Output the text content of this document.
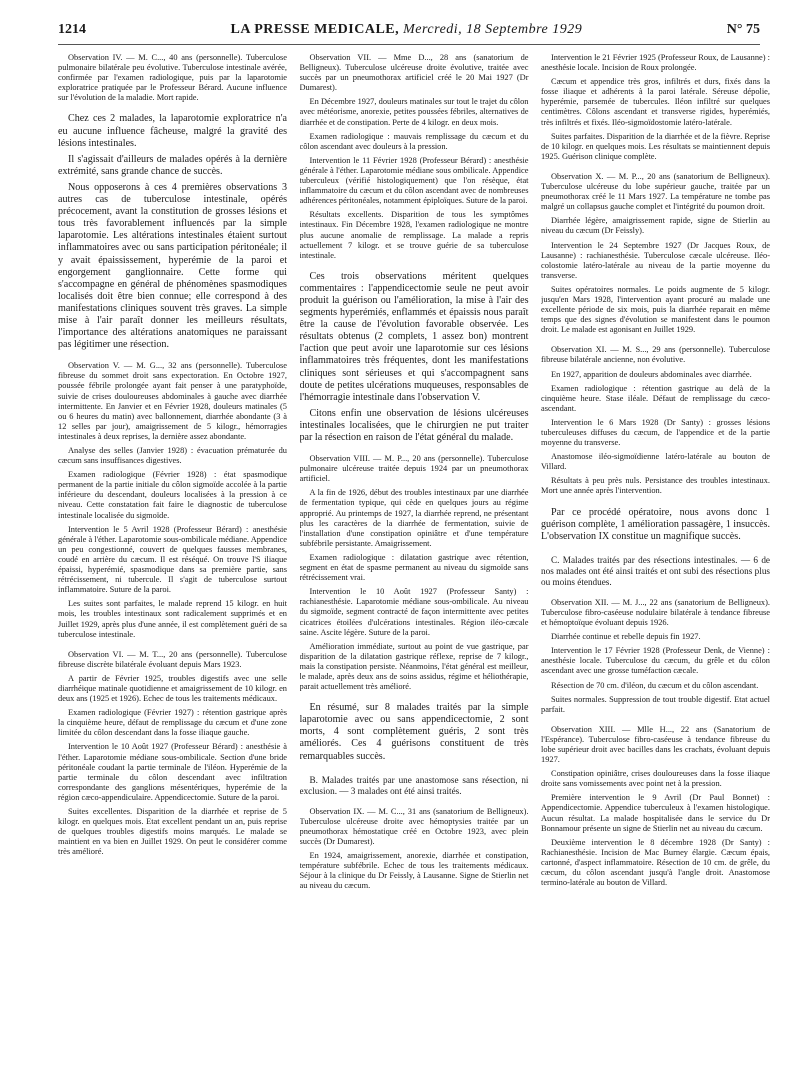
1214	LA PRESSE MEDICALE, Mercredi, 18 Septembre 1929	N° 75

Observation IV. — M. C..., 40 ans (personnelle). Tuberculose pulmonaire bilatérale peu évolutive. Tuberculose intestinale avérée, confirmée par l'examen radiologique, puis par la laparotomie exploratrice pratiquée par le Professeur Bérard. Aucune influence sur l'évolution de la maladie. Mort rapide.

Chez ces 2 malades, la laparotomie exploratrice n'a eu aucune influence fâcheuse, malgré la gravité des lésions intestinales.

Il s'agissait d'ailleurs de malades opérés à la dernière extrémité, sans grande chance de succès.

Nous opposerons à ces 4 premières observations 3 autres cas de tuberculose intestinale, opérés précocement, avant la constitution de grosses lésions et tous très favorablement influencés par la simple laparotomie. Les altérations intestinales étaient surtout inflammatoires avec ou sans participation péritonéale; il y avait épaississement, hyperémie de la paroi et engorgement ganglionnaire. Cette forme qui s'accompagne en général de phénomènes spasmodiques localisés doit être bien connue; elle correspond à des manifestations cliniques souvent très graves. La simple mise à l'air paraît donner les meilleurs résultats, l'importance des altérations anatomiques ne paraissant pas légitimer une résection.

Observation V. — M. G..., 32 ans (personnelle). Tuberculose fibreuse du sommet droit sans expectoration. En Octobre 1927, poussée fébrile prolongée ayant fait penser à une paratyphoïde, suivie de crises douloureuses abdominales à gauche avec diarrhée intermittente. En Janvier et en Février 1928, douleurs matinales (5 ou 6 heures du matin) avec ballonnement, diarrhée abondante (3 à 12 selles par jour), amaigrissement de 5 kilogr., hémorragies intestinales à deux reprises, la dernière assez abondante.

Analyse des selles (Janvier 1928) : évacuation prématurée du cæcum sans insuffisances digestives.

Examen radiologique (Février 1928) : état spasmodique permanent de la partie initiale du côlon sigmoïde accolée à la partie inférieure du descendant, douleurs localisées à la pression à ce niveau. Cette constatation fait faire le diagnostic de tuberculose intestinale localisée du sigmoïde.

Intervention le 5 Avril 1928 (Professeur Bérard) : anesthésie générale à l'éther. Laparotomie sous-ombilicale médiane. Appendice un peu congestionné, couvert de quelques fausses membranes, coudé en arrière du cæcum. Il est réséqué. On trouve l'S iliaque épaissi, hyperémié, spasmodique dans sa première partie, sans rétrécissement, ni tubercule. Il s'agit de tuberculose surtout inflammatoire. Suture de la paroi.

Les suites sont parfaites, le malade reprend 15 kilogr. en huit mois, les troubles intestinaux sont radicalement supprimés et en Juillet 1929, après plus d'une année, il est complètement guéri de sa tuberculose intestinale.

Observation VI. — M. T..., 20 ans (personnelle). Tuberculose fibreuse discrète bilatérale évoluant depuis Mars 1923.

A partir de Février 1925, troubles digestifs avec une selle diarrhéique matinale quotidienne et amaigrissement de 10 kilogr. en deux ans (1925 et 1926). Echec de tous les traitements médicaux.

Examen radiologique (Février 1927) : rétention gastrique après la cinquième heure, défaut de remplissage du cæcum et d'une zone limitée du côlon descendant dans la fosse iliaque gauche.

Intervention le 10 Août 1927 (Professeur Bérard) : anesthésie à l'éther. Laparotomie médiane sous-ombilicale. Section d'une bride péritonéale coudant la partie terminale de l'iléon. Hyperémie de la partie terminale du côlon descendant avec infiltration correspondante des ganglions mésentériques, hyperémie de la région cæco-appendiculaire. Appendicectomie. Suture de la paroi.

Suites excellentes. Disparition de la diarrhée et reprise de 5 kilogr. en quelques mois. Etat excellent pendant un an, puis reprise de quelques troubles digestifs moins marqués. Le malade se maintient en va bien en Juillet 1929. On peut le considérer comme très amélioré.

Observation VII. — Mme D..., 28 ans (sanatorium de Belligneux). Tuberculose ulcéreuse droite évolutive, traitée avec succès par un pneumothorax artificiel créé le 20 Mai 1927 (Dr Dumarest).

En Décembre 1927, douleurs matinales sur tout le trajet du côlon avec météorisme, anorexie, petites poussées fébriles, alternatives de diarrhée et de constipation. Perte de 4 kilogr. en deux mois.

Examen radiologique : mauvais remplissage du cæcum et du côlon ascendant avec douleurs à la pression.

Intervention le 11 Février 1928 (Professeur Bérard) : anesthésie générale à l'éther. Laparotomie médiane sous ombilicale. Appendice tuberculeux (vérifié histologiquement) que l'on résèque, état inflammatoire du cæcum et du côlon ascendant avec de nombreuses adhérences péritonéales, notamment épiploïques. Suture de la paroi.

Résultats excellents. Disparition de tous les symptômes intestinaux. Fin Décembre 1928, l'examen radiologique ne montre plus aucune anomalie de remplissage. La malade a repris actuellement 7 kilogr. et se trouve guérie de sa tuberculose intestinale.

Ces trois observations méritent quelques commentaires : l'appendicectomie seule ne peut avoir produit la guérison ou l'amélioration, la mise à l'air des segments hyperémiés, enflammés et épaissis nous paraît être la cause de l'évolution favorable observée. Les résultats obtenus (2 complets, 1 assez bon) montrent l'action que peut avoir une laparotomie sur ces lésions inflammatoires très fréquentes, dont les manifestations cliniques sont sérieuses et qui s'accompagnent sans doute de petites ulcérations muqueuses, responsables de l'hémorragie intestinale dans l'observation V.

Citons enfin une observation de lésions ulcéreuses intestinales localisées, que le chirurgien ne put traiter par la résection en raison de l'état général du malade.

Observation VIII. — M. P..., 20 ans (personnelle). Tuberculose pulmonaire ulcéreuse traitée depuis 1924 par un pneumothorax artificiel.

A la fin de 1926, début des troubles intestinaux par une diarrhée de fermentation typique, qui cède en quelques jours au régime approprié. Au printemps de 1927, la diarrhée reprend, ne présentant plus les caractères de la diarrhée de fermentation, suivie de l'installation d'une constipation opiniâtre et d'une température subfébrile persistante. Amaigrissement.

Examen radiologique : dilatation gastrique avec rétention, segment en état de spasme permanent au niveau du sigmoïde sans rétrécissement vrai.

Intervention le 10 Août 1927 (Professeur Santy) : rachianesthésie. Laparotomie médiane sous-ombilicale. Au niveau du sigmoïde, segment contracté de façon intermittente avec petites cicatrices étoilées d'ulcérations intestinales. Région iléo-cæcale saine. Ascite légère. Suture de la paroi.

Amélioration immédiate, surtout au point de vue gastrique, par disparition de la dilatation gastrique réflexe, reprise de 7 kilogr., mais la constipation persiste. Néanmoins, l'état général est meilleur, le malade, après deux ans de soins assidus, régime et héliothérapie, parait actuellement très amélioré.

En résumé, sur 8 malades traités par la simple laparotomie avec ou sans appendicectomie, 2 sont morts, 4 sont complètement guéris, 2 sont très améliorés. Ces 4 guérisons constituent de très remarquables succès.

B. Malades traités par une anastomose sans résection, ni exclusion. — 3 malades ont été ainsi traités.

Observation IX. — M. C..., 31 ans (sanatorium de Belligneux). Tuberculose ulcéreuse droite avec hémoptysies traitée par un pneumothorax hémostatique créé en Octobre 1923, avec plein succès (Dr Dumarest).

En 1924, amaigrissement, anorexie, diarrhée et constipation, température subfébrile. Echec de tous les traitements médicaux. Séjour à la clinique du Dr Feissly, à Lausanne. Signe de Stierlin net au niveau du cæcum.

Intervention le 21 Février 1925 (Professeur Roux, de Lausanne) : anesthésie locale. Incision de Roux prolongée.

Cæcum et appendice très gros, infiltrés et durs, fixés dans la fosse iliaque et adhérents à la paroi latérale. Séreuse dépolie, hyperémie, parsemée de tubercules. Iléon infiltré sur quelques centimètres. Côlons ascendant et transverse rigides, hyperémiés, très infiltrés et fixés. Iléo-sigmoïdostomie latéro-latérale.

Suites parfaites. Disparition de la diarrhée et de la fièvre. Reprise de 10 kilogr. en quelques mois. Les résultats se maintiennent depuis 1925. Guérison clinique complète.

Observation X. — M. P..., 20 ans (sanatorium de Belligneux). Tuberculose ulcéreuse du lobe supérieur gauche, traitée par un pneumothorax créé le 11 Mars 1927. La température ne tombe pas malgré un collapsus gauche complet et l'intégrité du poumon droit.

Diarrhée légère, amaigrissement rapide, signe de Stierlin au niveau du cæcum (Dr Feissly).

Intervention le 24 Septembre 1927 (Dr Jacques Roux, de Lausanne) : rachianesthésie. Tuberculose cæcale ulcéreuse. Iléo-colostomie latéro-latérale au niveau de la partie moyenne du transverse.

Suites opératoires normales. Le poids augmente de 5 kilogr. jusqu'en Mars 1928, l'intervention ayant procuré au malade une excellente période de six mois, puis la diarrhée reparait en même temps que des signes d'évolution se manifestent dans le poumon droit. Le malade est agonisant en Juillet 1929.

Observation XI. — M. S..., 29 ans (personnelle). Tuberculose fibreuse bilatérale ancienne, non évolutive.

En 1927, apparition de douleurs abdominales avec diarrhée.

Examen radiologique : rétention gastrique au delà de la cinquième heure. Stase iléale. Défaut de remplissage du cæco-ascendant.

Intervention le 6 Mars 1928 (Dr Santy) : grosses lésions tuberculeuses diffuses du cæcum, de l'appendice et de la partie moyenne du transverse.

Anastomose iléo-sigmoïdienne latéro-latérale au bouton de Villard.

Résultats à peu près nuls. Persistance des troubles intestinaux. Mort une année après l'intervention.

Par ce procédé opératoire, nous avons donc 1 guérison complète, 1 amélioration passagère, 1 insuccès. L'observation IX constitue un magnifique succès.

C. Malades traités par des résections intestinales. — 6 de nos malades ont été ainsi traités et ont subi des résections plus ou moins étendues.

Observation XII. — M. J..., 22 ans (sanatorium de Belligneux). Tuberculose fibro-caséeuse nodulaire bilatérale à tendance fibreuse et hémoptoïque évoluant depuis 1926.

Diarrhée continue et rebelle depuis fin 1927.

Intervention le 17 Février 1928 (Professeur Denk, de Vienne) : anesthésie locale. Tuberculose du cæcum, du grêle et du côlon ascendant avec une grosse tuméfaction cæcale.

Résection de 70 cm. d'iléon, du cæcum et du côlon ascendant.

Suites normales. Suppression de tout trouble digestif. Etat actuel parfait.

Observation XIII. — Mlle H..., 22 ans (Sanatorium de l'Espérance). Tuberculose fibro-caséeuse à tendance fibreuse du lobe supérieur droit avec bacilles dans les crachats, évoluant depuis 1927.

Constipation opiniâtre, crises douloureuses dans la fosse iliaque droite sans vomissements avec point net à la pression.

Première intervention le 9 Avril (Dr Paul Bonnet) : Appendicectomie. Appendice tuberculeux à l'examen histologique. Aucun résultat. La malade hospitalisée dans le service du Dr Bonnamour présente un signe de Stierlin net au niveau du cæcum.

Deuxième intervention le 8 décembre 1928 (Dr Santy) : Rachianesthésie. Incision de Mac Burney élargie. Cæcum épais, cartonné, d'aspect inflammatoire. Résection de 10 cm. de grêle, du cæcum, du côlon ascendant jusqu'à l'angle droit. Anastomose termino-latérale au bouton de Villard.
